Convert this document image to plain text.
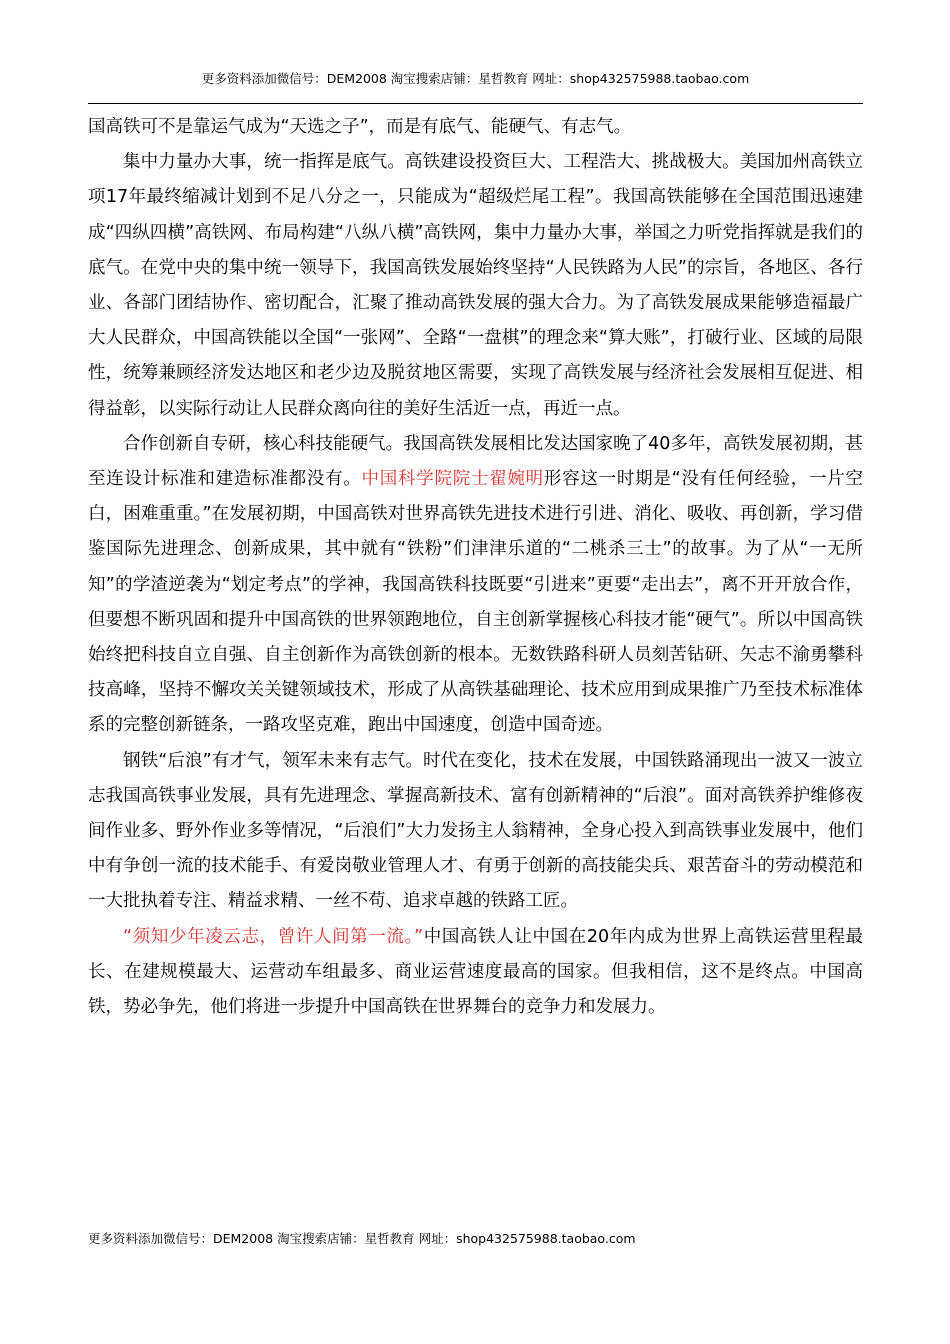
更多资料添加微信号：DEM2008 淘宝搜索店铺：星哲教育 网址：shop432575988.taobao.com

国高铁可不是靠运气成为“天选之子”，而是有底气、能硬气、有志气。

集中力量办大事，统一指挥是底气。高铁建设投资巨大、工程浩大、挑战极大。美国加州高铁立项17年最终缩减计划到不足八分之一，只能成为“超级烂尾工程”。我国高铁能够在全国范围迅速建成“四纵四横”高铁网、布局构建“八纵八横”高铁网，集中力量办大事，举国之力听党指挥就是我们的底气。在党中央的集中统一领导下，我国高铁发展始终坚持“人民铁路为人民”的宗旨，各地区、各行业、各部门团结协作、密切配合，汇聚了推动高铁发展的强大合力。为了高铁发展成果能够造福最广大人民群众，中国高铁能以全国“一张网”、全路“一盘棋”的理念来“算大账”，打破行业、区域的局限性，统筹兼顾经济发达地区和老少边及脱贫地区需要，实现了高铁发展与经济社会发展相互促进、相得益彰，以实际行动让人民群众离向往的美好生活近一点，再近一点。

合作创新自专研，核心科技能硬气。我国高铁发展相比发达国家晚了40多年，高铁发展初期，甚至连设计标准和建造标准都没有。中国科学院院士翟婉明形容这一时期是“没有任何经验，一片空白，困难重重。”在发展初期，中国高铁对世界高铁先进技术进行引进、消化、吸收、再创新，学习借鉴国际先进理念、创新成果，其中就有“铁粉”们津津乐道的“二桃杀三士”的故事。为了从“一无所知”的学渣逆袭为“划定考点”的学神，我国高铁科技既要“引进来”更要“走出去”，离不开开放合作，但要想不断巩固和提升中国高铁的世界领跑地位，自主创新掌握核心科技才能“硬气”。所以中国高铁始终把科技自立自强、自主创新作为高铁创新的根本。无数铁路科研人员刻苦钻研、矢志不渝勇攀科技高峰，坚持不懈攻关关键领域技术，形成了从高铁基础理论、技术应用到成果推广乃至技术标准体系的完整创新链条，一路攻坚克难，跑出中国速度，创造中国奇迹。

钢铁“后浪”有才气，领军未来有志气。时代在变化，技术在发展，中国铁路涌现出一波又一波立志我国高铁事业发展，具有先进理念、掌握高新技术、富有创新精神的“后浪”。面对高铁养护维修夜间作业多、野外作业多等情况，“后浪们”大力发扬主人翁精神，全身心投入到高铁事业发展中，他们中有争创一流的技术能手、有爱岗敬业管理人才、有勇于创新的高技能尖兵、艰苦奋斗的劳动模范和一大批执着专注、精益求精、一丝不苟、追求卓越的铁路工匠。

“须知少年凌云志，曾许人间第一流。”中国高铁人让中国在20年内成为世界上高铁运营里程最长、在建规模最大、运营动车组最多、商业运营速度最高的国家。但我相信，这不是终点。中国高铁，势必争先，他们将进一步提升中国高铁在世界舞台的竞争力和发展力。

更多资料添加微信号：DEM2008 淘宝搜索店铺：星哲教育 网址：shop432575988.taobao.com
